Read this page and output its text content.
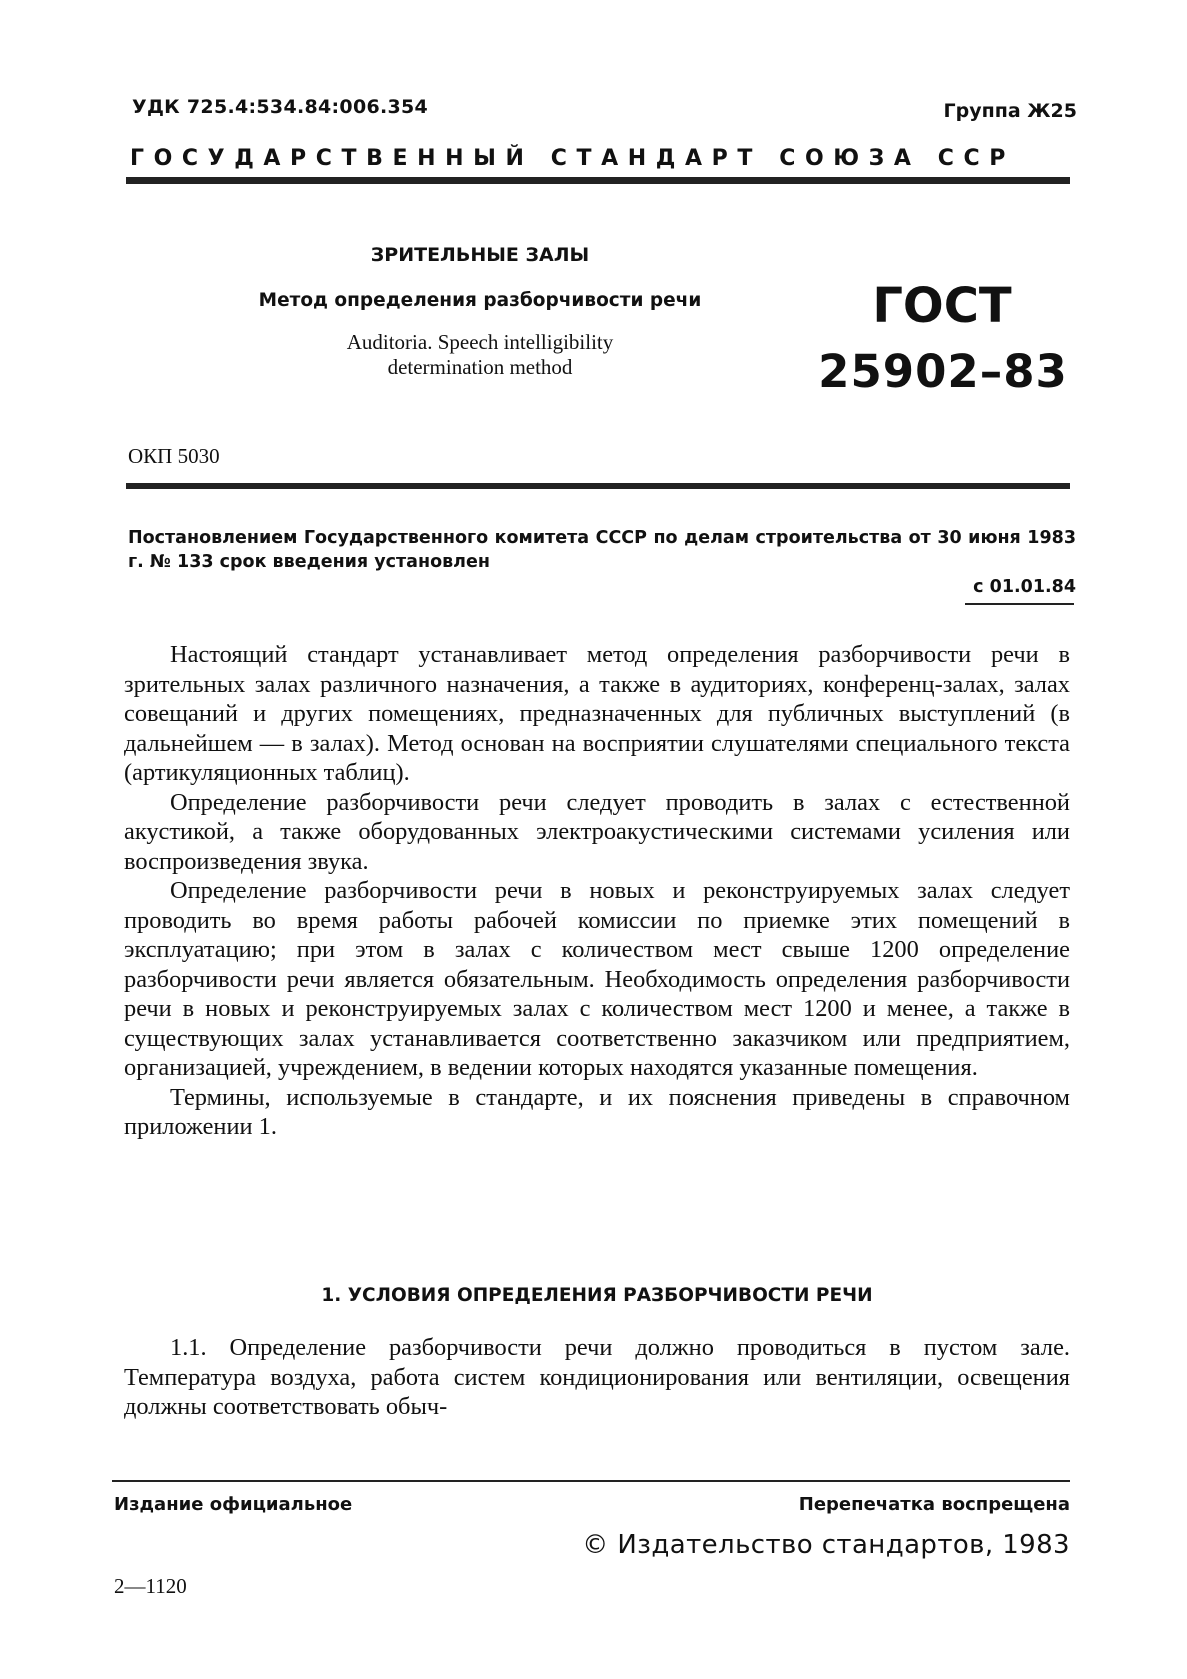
УДК 725.4:534.84:006.354	Группа Ж25
ГОСУДАРСТВЕННЫЙ СТАНДАРТ СОЮЗА ССР
ЗРИТЕЛЬНЫЕ ЗАЛЫ
Метод определения разборчивости речи
Auditoria. Speech intelligibility
determination method
ГОСТ
25902–83
ОКП 5030
Постановлением Государственного комитета СССР по делам строительства от 30 июня 1983 г. № 133 срок введения установлен
с 01.01.84

Настоящий стандарт устанавливает метод определения разборчивости речи в зрительных залах различного назначения, а также в аудиториях, конференц-залах, залах совещаний и других помещениях, предназначенных для публичных выступлений (в дальнейшем — в залах). Метод основан на восприятии слушателями специального текста (артикуляционных таблиц).

Определение разборчивости речи следует проводить в залах с естественной акустикой, а также оборудованных электроакустическими системами усиления или воспроизведения звука.

Определение разборчивости речи в новых и реконструируемых залах следует проводить во время работы рабочей комиссии по приемке этих помещений в эксплуатацию; при этом в залах с количеством мест свыше 1200 определение разборчивости речи является обязательным. Необходимость определения разборчивости речи в новых и реконструируемых залах с количеством мест 1200 и менее, а также в существующих залах устанавливается соответственно заказчиком или предприятием, организацией, учреждением, в ведении которых находятся указанные помещения.

Термины, используемые в стандарте, и их пояснения приведены в справочном приложении 1.

1. УСЛОВИЯ ОПРЕДЕЛЕНИЯ РАЗБОРЧИВОСТИ РЕЧИ

1.1. Определение разборчивости речи должно проводиться в пустом зале. Температура воздуха, работа систем кондиционирования или вентиляции, освещения должны соответствовать обыч-

Издание официальное	Перепечатка воспрещена
© Издательство стандартов, 1983
2—1120
